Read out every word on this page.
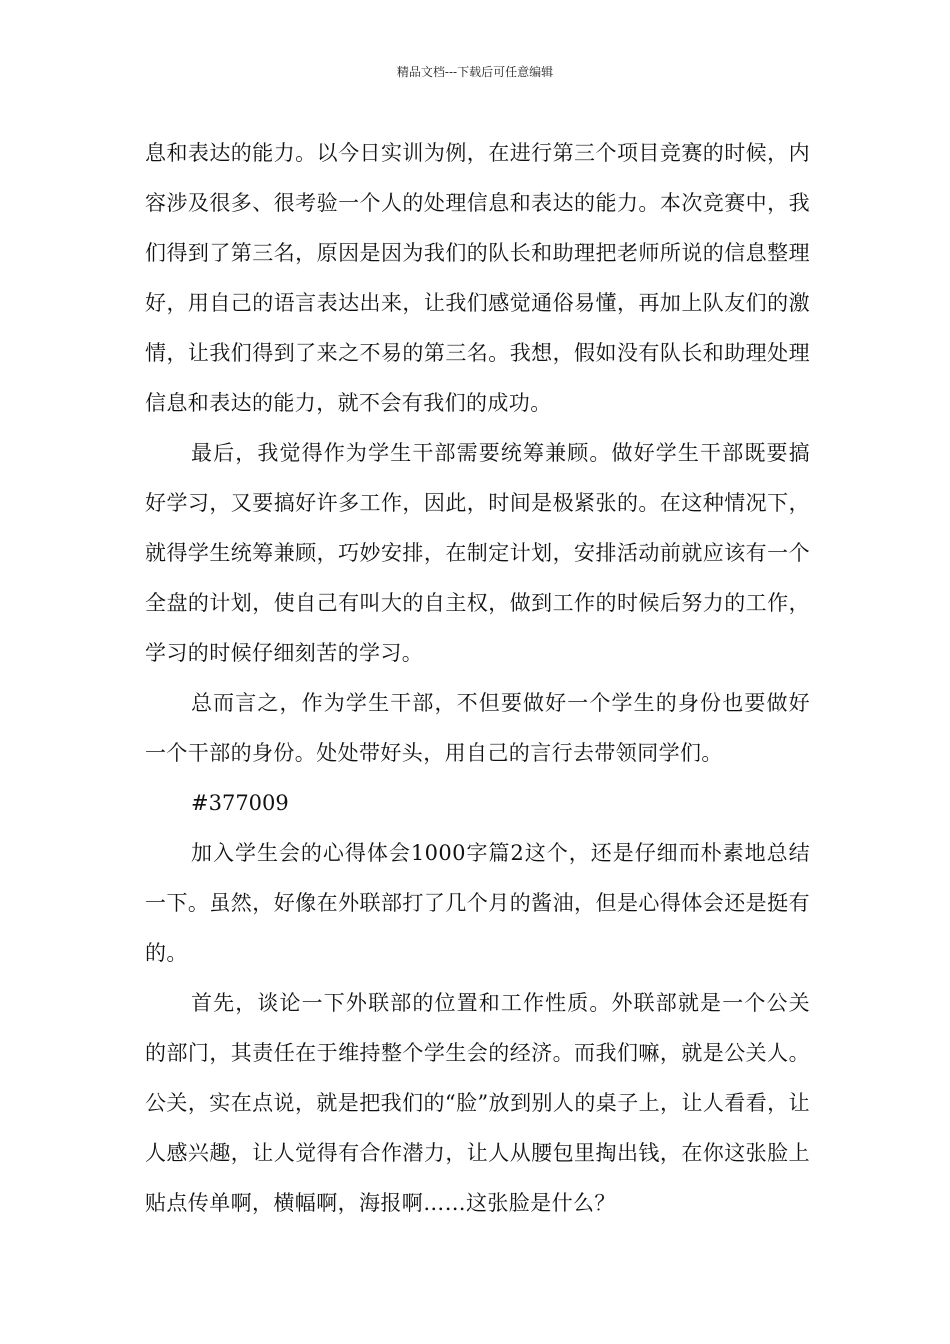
精品文档---下载后可任意编辑

息和表达的能力。以今日实训为例，在进行第三个项目竞赛的时候，内容涉及很多、很考验一个人的处理信息和表达的能力。本次竞赛中，我们得到了第三名，原因是因为我们的队长和助理把老师所说的信息整理好，用自己的语言表达出来，让我们感觉通俗易懂，再加上队友们的激情，让我们得到了来之不易的第三名。我想，假如没有队长和助理处理信息和表达的能力，就不会有我们的成功。

最后，我觉得作为学生干部需要统筹兼顾。做好学生干部既要搞好学习，又要搞好许多工作，因此，时间是极紧张的。在这种情况下，就得学生统筹兼顾，巧妙安排，在制定计划，安排活动前就应该有一个全盘的计划，使自己有叫大的自主权，做到工作的时候后努力的工作，学习的时候仔细刻苦的学习。

总而言之，作为学生干部，不但要做好一个学生的身份也要做好一个干部的身份。处处带好头，用自己的言行去带领同学们。

#377009

加入学生会的心得体会1000字篇2这个，还是仔细而朴素地总结一下。虽然，好像在外联部打了几个月的酱油，但是心得体会还是挺有的。

首先，谈论一下外联部的位置和工作性质。外联部就是一个公关的部门，其责任在于维持整个学生会的经济。而我们嘛，就是公关人。公关，实在点说，就是把我们的“脸”放到别人的桌子上，让人看看，让人感兴趣，让人觉得有合作潜力，让人从腰包里掏出钱，在你这张脸上贴点传单啊，横幅啊，海报啊……这张脸是什么？
